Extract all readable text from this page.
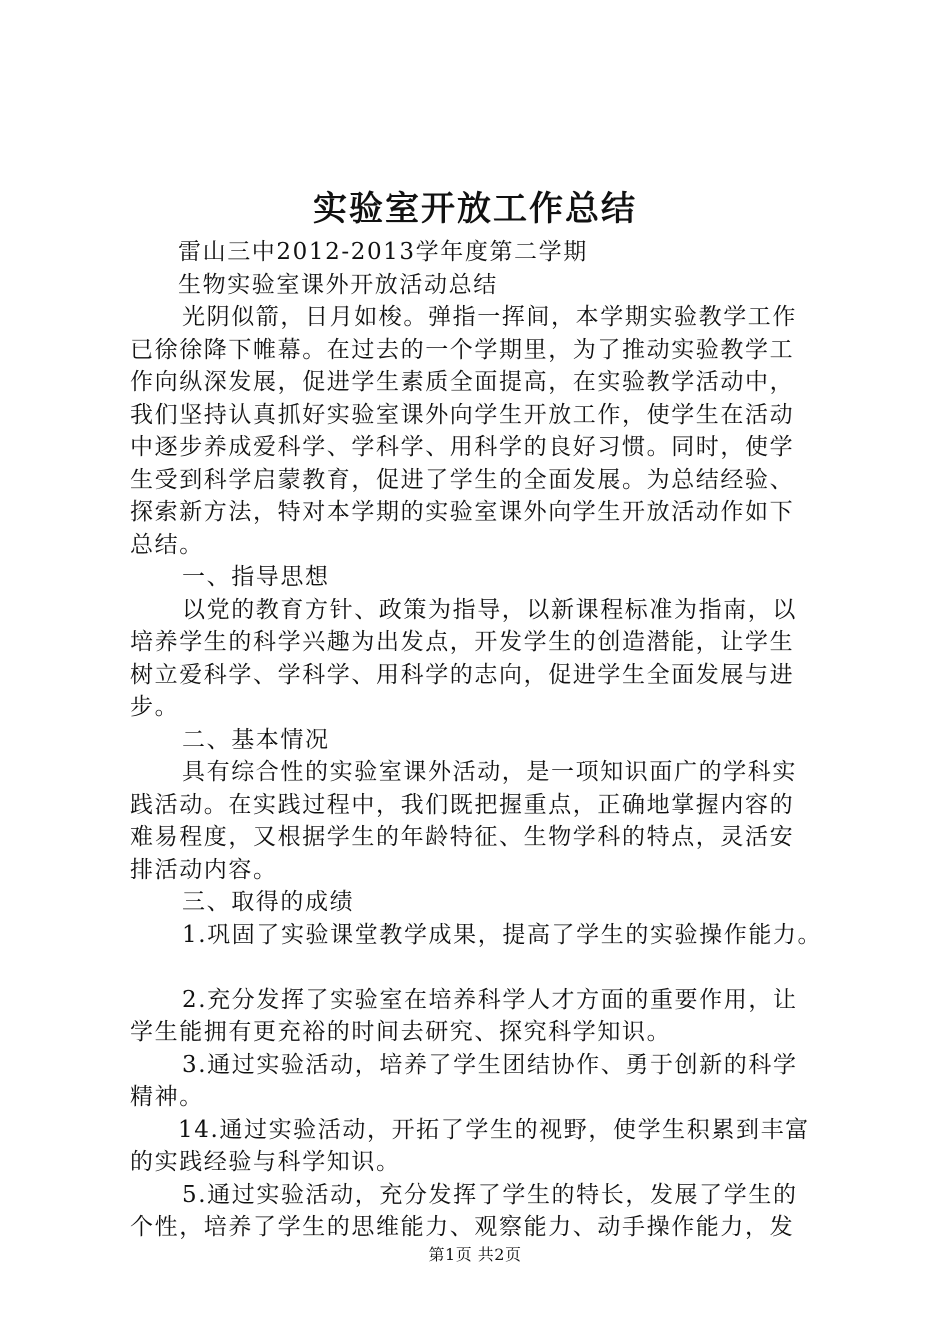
实验室开放工作总结
雷山三中2012-2013学年度第二学期
生物实验室课外开放活动总结
光阴似箭，日月如梭。弹指一挥间，本学期实验教学工作
已徐徐降下帷幕。在过去的一个学期里，为了推动实验教学工
作向纵深发展，促进学生素质全面提高，在实验教学活动中，
我们坚持认真抓好实验室课外向学生开放工作，使学生在活动
中逐步养成爱科学、学科学、用科学的良好习惯。同时，使学
生受到科学启蒙教育，促进了学生的全面发展。为总结经验、
探索新方法，特对本学期的实验室课外向学生开放活动作如下
总结。
一、指导思想
以党的教育方针、政策为指导，以新课程标准为指南，以
培养学生的科学兴趣为出发点，开发学生的创造潜能，让学生
树立爱科学、学科学、用科学的志向，促进学生全面发展与进
步。
二、基本情况
具有综合性的实验室课外活动，是一项知识面广的学科实
践活动。在实践过程中，我们既把握重点，正确地掌握内容的
难易程度，又根据学生的年龄特征、生物学科的特点，灵活安
排活动内容。
三、取得的成绩
1.巩固了实验课堂教学成果，提高了学生的实验操作能力。
2.充分发挥了实验室在培养科学人才方面的重要作用，让
学生能拥有更充裕的时间去研究、探究科学知识。
3.通过实验活动，培养了学生团结协作、勇于创新的科学
精神。
14.通过实验活动，开拓了学生的视野，使学生积累到丰富
的实践经验与科学知识。
5.通过实验活动，充分发挥了学生的特长，发展了学生的
个性，培养了学生的思维能力、观察能力、动手操作能力，发
第1页 共2页
